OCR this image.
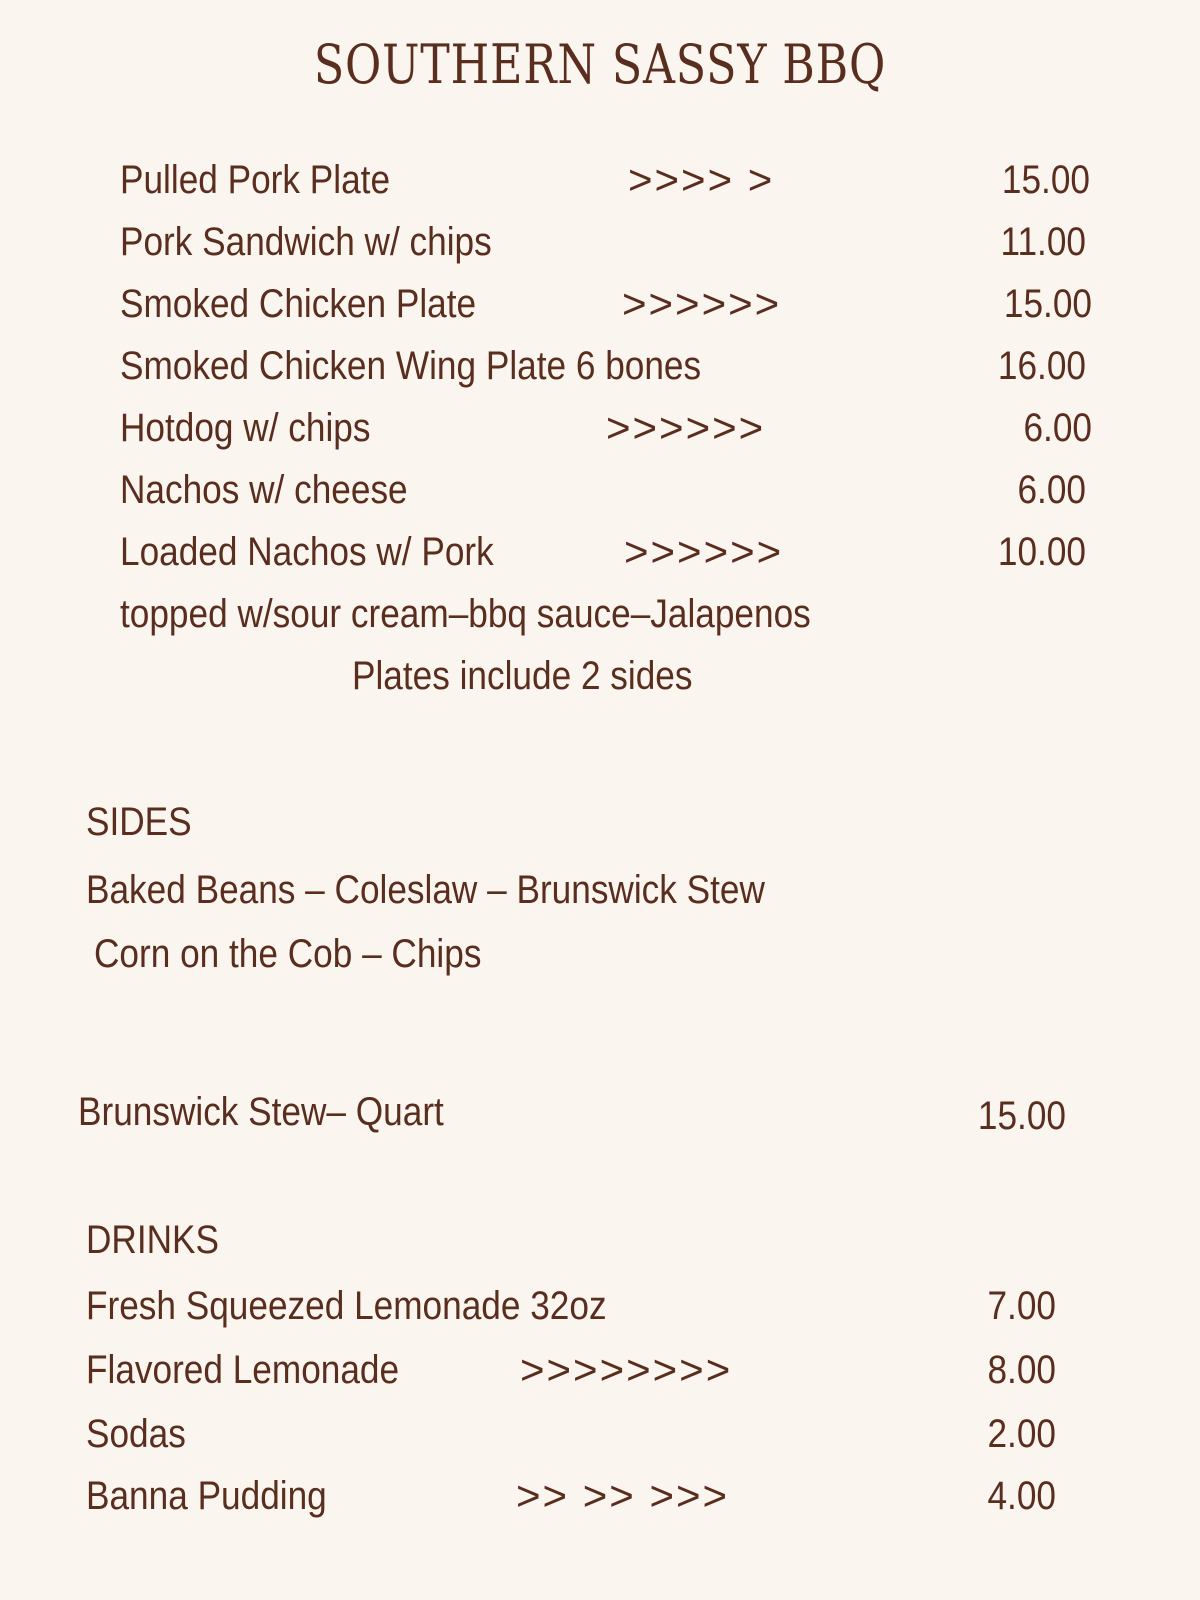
SOUTHERN SASSY BBQ
Pulled Pork Plate	>>>> >	15.00
Pork Sandwich w/ chips	11.00
Smoked Chicken Plate	>>>>>>	15.00
Smoked Chicken Wing Plate 6 bones	16.00
Hotdog w/ chips	>>>>>>	6.00
Nachos w/ cheese	6.00
Loaded Nachos w/ Pork	>>>>>>	10.00
topped w/sour cream–bbq sauce–Jalapenos
Plates include 2 sides
SIDES
Baked Beans – Coleslaw – Brunswick Stew
Corn on the Cob – Chips
Brunswick Stew– Quart	15.00
DRINKS
Fresh Squeezed Lemonade 32oz	7.00
Flavored Lemonade	>>>>>>>>	8.00
Sodas	2.00
Banna Pudding	>> >> >>>	4.00
